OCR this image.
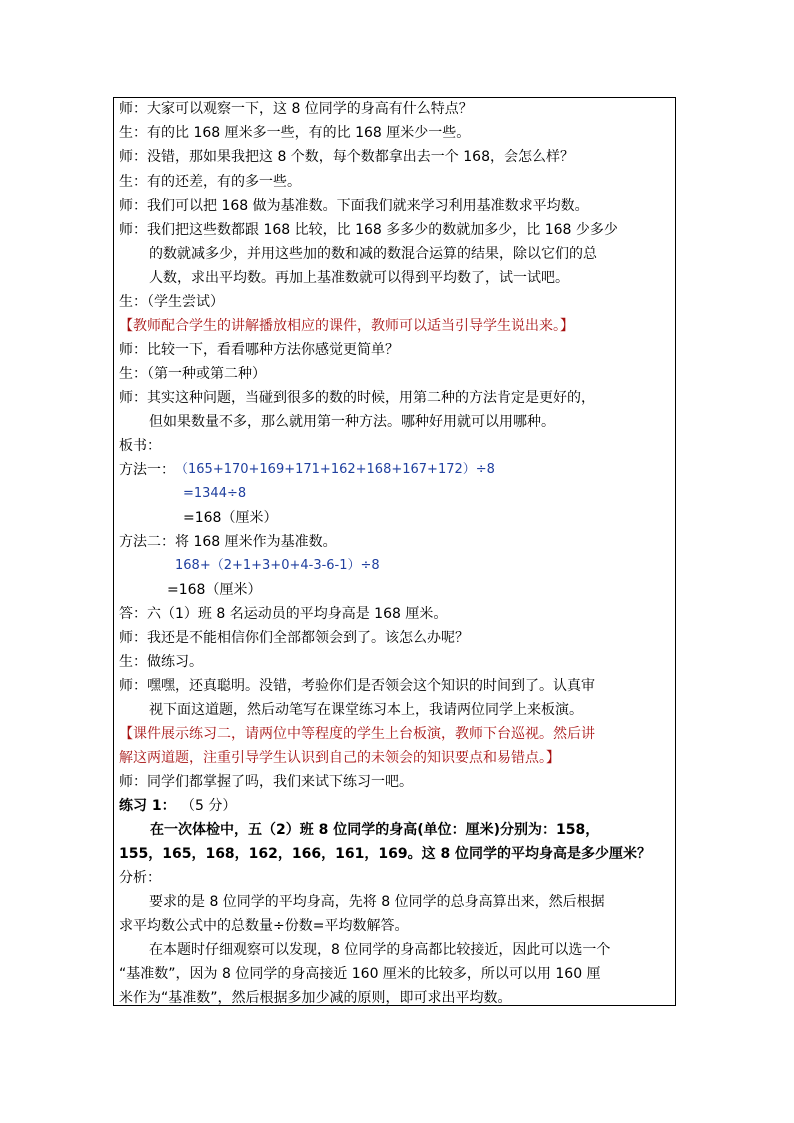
师：大家可以观察一下，这 8 位同学的身高有什么特点？
生：有的比 168 厘米多一些，有的比 168 厘米少一些。
师：没错，那如果我把这 8 个数，每个数都拿出去一个 168，会怎么样？
生：有的还差，有的多一些。
师：我们可以把 168 做为基准数。下面我们就来学习利用基准数求平均数。
师：我们把这些数都跟 168 比较，比 168 多多少的数就加多少，比 168 少多少
的数就减多少，并用这些加的数和减的数混合运算的结果，除以它们的总
人数，求出平均数。再加上基准数就可以得到平均数了，试一试吧。
生：（学生尝试）
【教师配合学生的讲解播放相应的课件，教师可以适当引导学生说出来。】
师：比较一下，看看哪种方法你感觉更简单？
生：（第一种或第二种）
师：其实这种问题，当碰到很多的数的时候，用第二种的方法肯定是更好的，
但如果数量不多，那么就用第一种方法。哪种好用就可以用哪种。
板书：
方法一： （165+170+169+171+162+168+167+172）÷8
=1344÷8
=168（厘米）
方法二：将 168 厘米作为基准数。
168+（2+1+3+0+4-3-6-1）÷8
=168（厘米）
答：六（1）班 8 名运动员的平均身高是 168 厘米。
师：我还是不能相信你们全部都领会到了。该怎么办呢？
生：做练习。
师：嘿嘿，还真聪明。没错，考验你们是否领会这个知识的时间到了。认真审
视下面这道题，然后动笔写在课堂练习本上，我请两位同学上来板演。
【课件展示练习二，请两位中等程度的学生上台板演，教师下台巡视。然后讲
解这两道题，注重引导学生认识到自己的未领会的知识要点和易错点。】
师：同学们都掌握了吗，我们来试下练习一吧。
练习 1： （5 分）
在一次体检中，五（2）班 8 位同学的身高(单位：厘米)分别为：158，
155，165，168，162，166，161，169。这 8 位同学的平均身高是多少厘米？
分析：
要求的是 8 位同学的平均身高，先将 8 位同学的总身高算出来，然后根据
求平均数公式中的总数量÷份数=平均数解答。
在本题时仔细观察可以发现，8 位同学的身高都比较接近，因此可以选一个
“基准数”，因为 8 位同学的身高接近 160 厘米的比较多，所以可以用 160 厘
米作为“基准数”，然后根据多加少减的原则，即可求出平均数。
